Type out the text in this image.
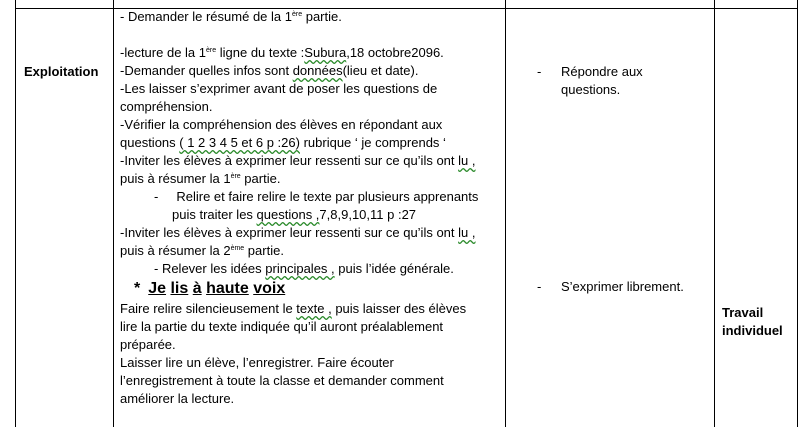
Exploitation
- Demander le résumé de la 1ère partie.
-lecture de la 1ère ligne du texte :Subura,18 octobre2096.
-Demander quelles infos sont données(lieu et date).
-Les laisser s’exprimer avant de poser les questions de
compréhension.
-Vérifier la compréhension des élèves en répondant aux
questions ( 1 2 3 4 5 et 6 p :26) rubrique ‘ je comprends ‘
-Inviter les élèves à exprimer leur ressenti sur ce qu’ils ont lu ,
puis à résumer la 1ère partie.
- Relire et faire relire le texte par plusieurs apprenants
puis traiter les questions ,7,8,9,10,11 p :27
-Inviter les élèves à exprimer leur ressenti sur ce qu’ils ont lu ,
puis à résumer la 2ème partie.
- Relever les idées principales , puis l’idée générale.
* Je lis à haute voix
Faire relire silencieusement le texte , puis laisser des élèves
lire la partie du texte indiquée qu’il auront préalablement
préparée.
Laisser lire un élève, l’enregistrer. Faire écouter
l’enregistrement à toute la classe et demander comment
améliorer la lecture.
- Répondre aux
questions.
- S’exprimer librement.
Travail
individuel
